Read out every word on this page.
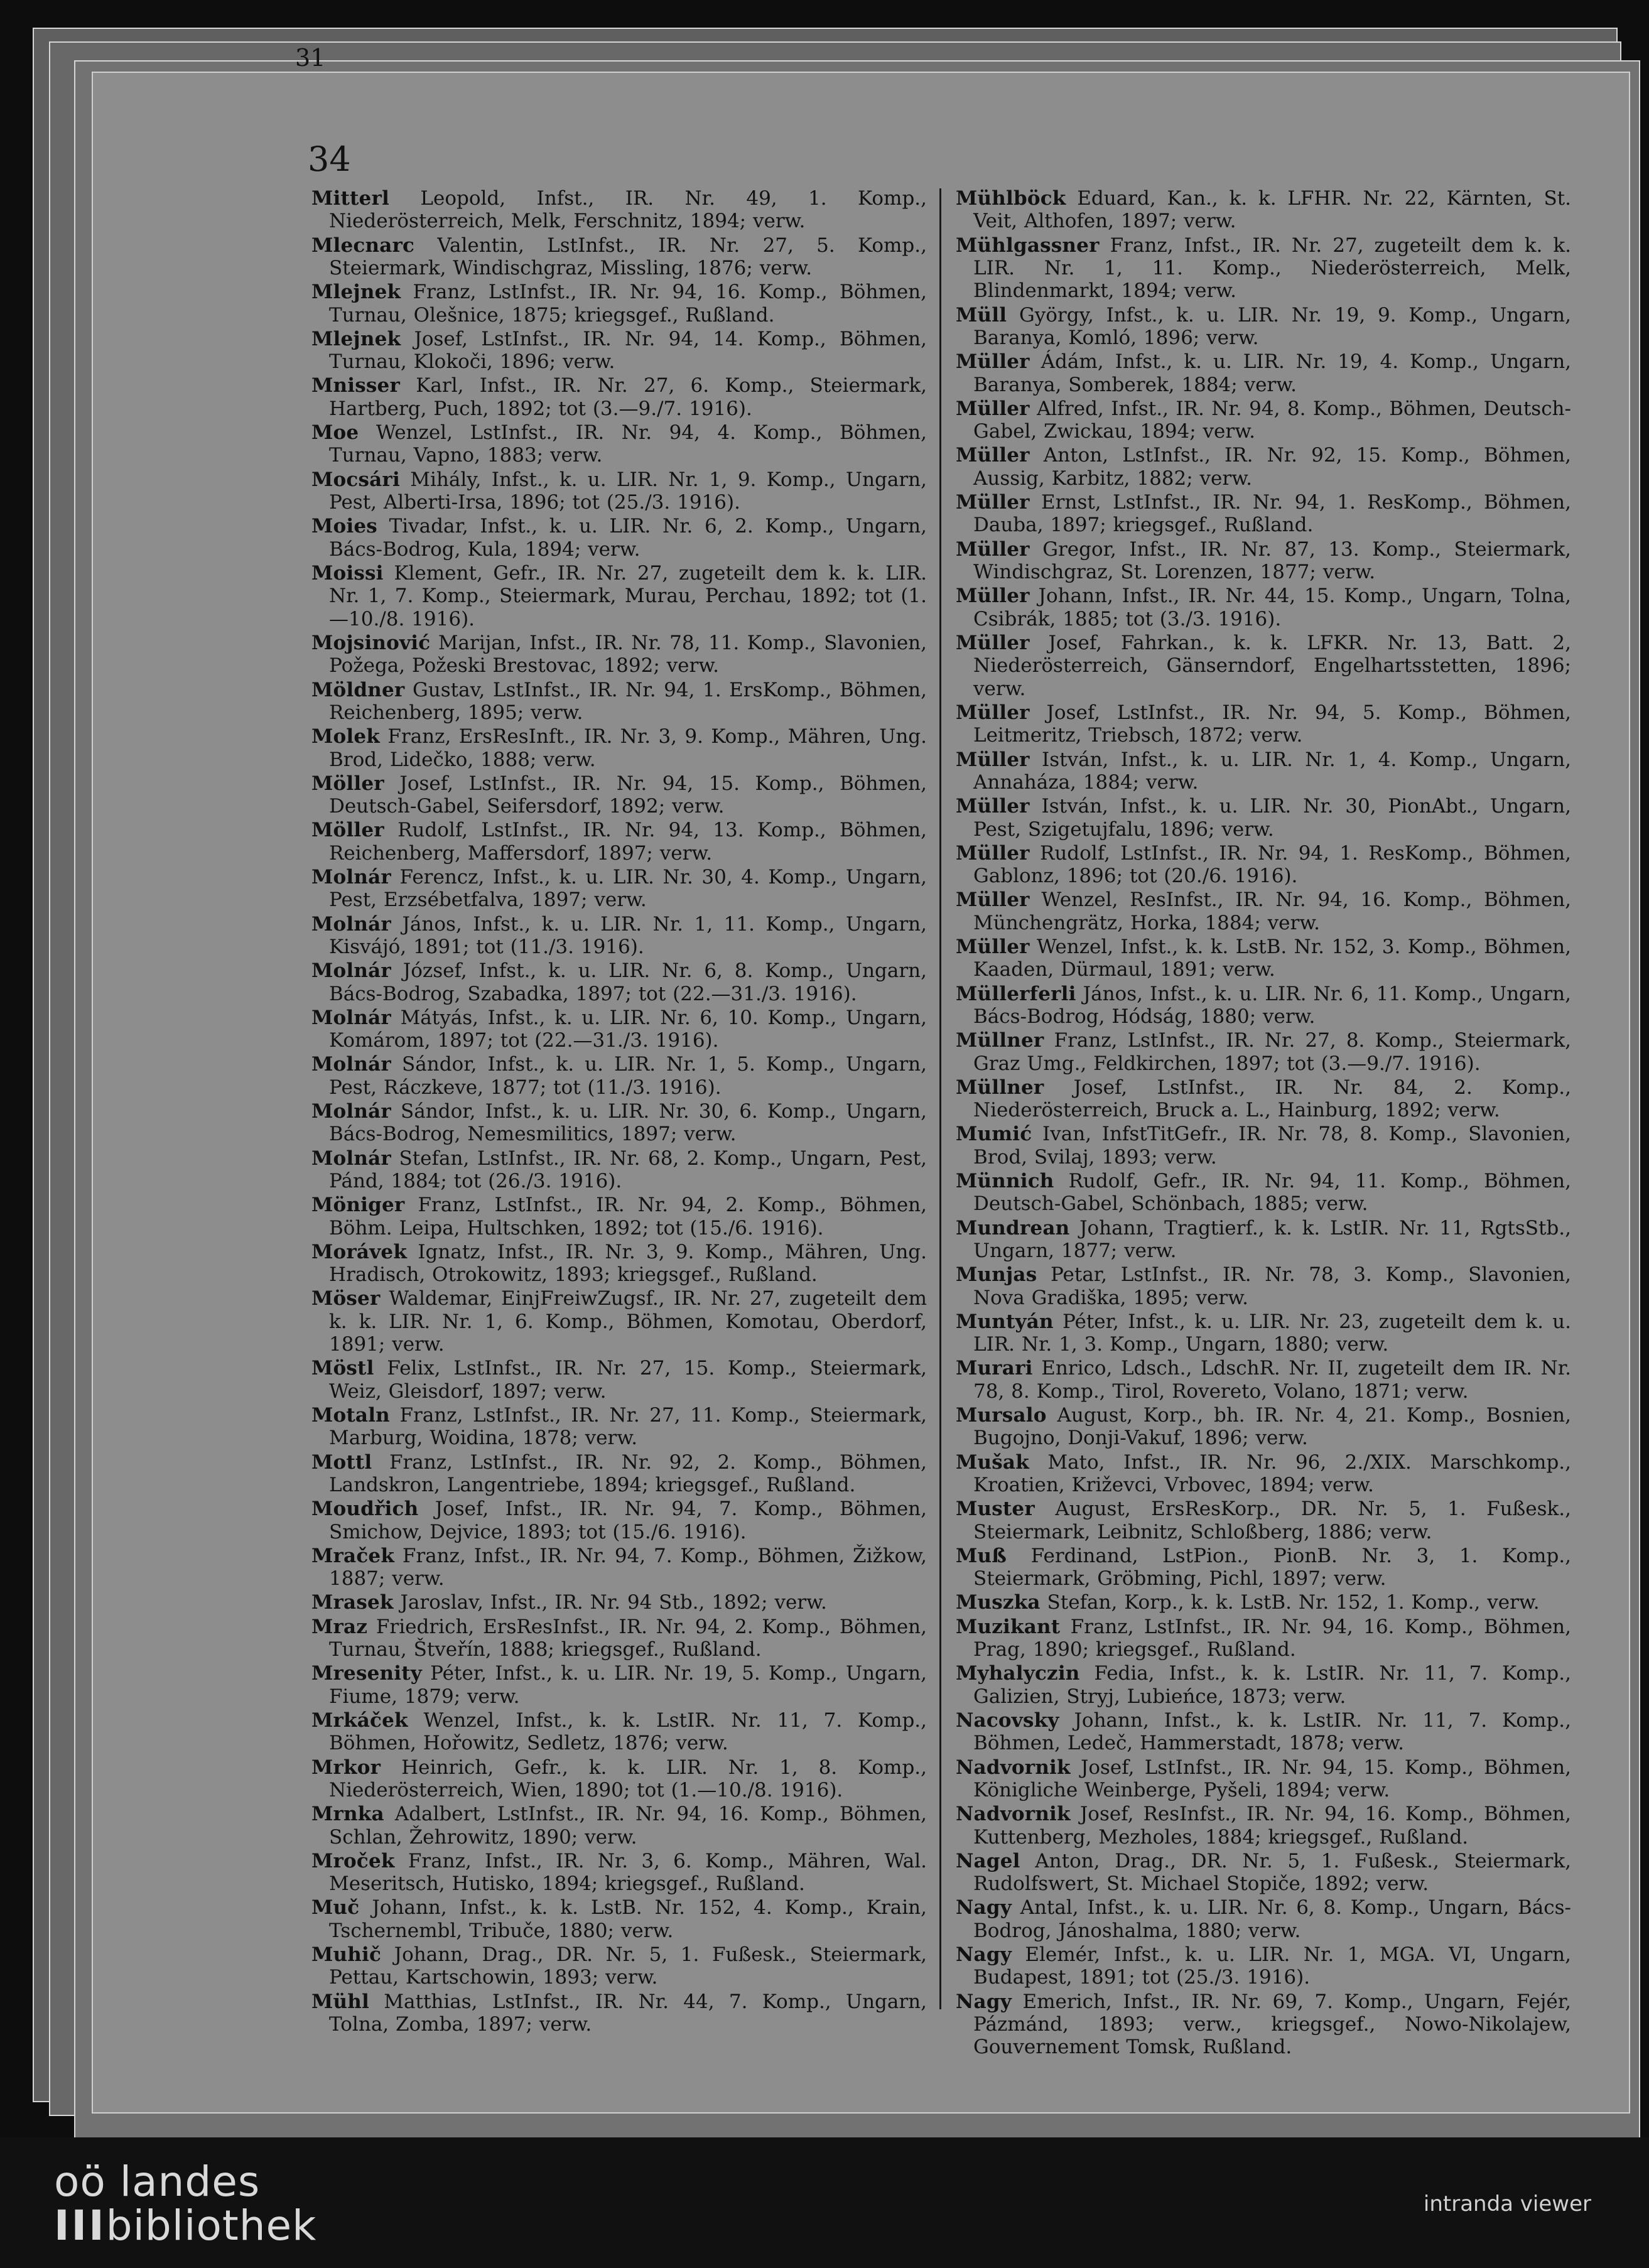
31
34

Mitterl Leopold, Infst., IR. Nr. 49, 1. Komp., Niederösterreich, Melk, Ferschnitz, 1894; verw.

Mlecnarc Valentin, LstInfst., IR. Nr. 27, 5. Komp., Steiermark, Windischgraz, Missling, 1876; verw.

Mlejnek Franz, LstInfst., IR. Nr. 94, 16. Komp., Böhmen, Turnau, Olešnice, 1875; kriegsgef., Rußland.

Mlejnek Josef, LstInfst., IR. Nr. 94, 14. Komp., Böhmen, Turnau, Klokoči, 1896; verw.

Mnisser Karl, Infst., IR. Nr. 27, 6. Komp., Steiermark, Hartberg, Puch, 1892; tot (3.—9./7. 1916).

Moe Wenzel, LstInfst., IR. Nr. 94, 4. Komp., Böhmen, Turnau, Vapno, 1883; verw.

Mocsári Mihály, Infst., k. u. LIR. Nr. 1, 9. Komp., Ungarn, Pest, Alberti-Irsa, 1896; tot (25./3. 1916).

Moies Tivadar, Infst., k. u. LIR. Nr. 6, 2. Komp., Ungarn, Bács-Bodrog, Kula, 1894; verw.

Moissi Klement, Gefr., IR. Nr. 27, zugeteilt dem k. k. LIR. Nr. 1, 7. Komp., Steiermark, Murau, Perchau, 1892; tot (1.—10./8. 1916).

Mojsinović Marijan, Infst., IR. Nr. 78, 11. Komp., Slavonien, Požega, Požeski Brestovac, 1892; verw.

Möldner Gustav, LstInfst., IR. Nr. 94, 1. ErsKomp., Böhmen, Reichenberg, 1895; verw.

Molek Franz, ErsResInft., IR. Nr. 3, 9. Komp., Mähren, Ung. Brod, Lidečko, 1888; verw.

Möller Josef, LstInfst., IR. Nr. 94, 15. Komp., Böhmen, Deutsch-Gabel, Seifersdorf, 1892; verw.

Möller Rudolf, LstInfst., IR. Nr. 94, 13. Komp., Böhmen, Reichenberg, Maffersdorf, 1897; verw.

Molnár Ferencz, Infst., k. u. LIR. Nr. 30, 4. Komp., Ungarn, Pest, Erzsébetfalva, 1897; verw.

Molnár János, Infst., k. u. LIR. Nr. 1, 11. Komp., Ungarn, Kisvájó, 1891; tot (11./3. 1916).

Molnár József, Infst., k. u. LIR. Nr. 6, 8. Komp., Ungarn, Bács-Bodrog, Szabadka, 1897; tot (22.—31./3. 1916).

Molnár Mátyás, Infst., k. u. LIR. Nr. 6, 10. Komp., Ungarn, Komárom, 1897; tot (22.—31./3. 1916).

Molnár Sándor, Infst., k. u. LIR. Nr. 1, 5. Komp., Ungarn, Pest, Ráczkeve, 1877; tot (11./3. 1916).

Molnár Sándor, Infst., k. u. LIR. Nr. 30, 6. Komp., Ungarn, Bács-Bodrog, Nemesmilitics, 1897; verw.

Molnár Stefan, LstInfst., IR. Nr. 68, 2. Komp., Ungarn, Pest, Pánd, 1884; tot (26./3. 1916).

Möniger Franz, LstInfst., IR. Nr. 94, 2. Komp., Böhmen, Böhm. Leipa, Hultschken, 1892; tot (15./6. 1916).

Morávek Ignatz, Infst., IR. Nr. 3, 9. Komp., Mähren, Ung. Hradisch, Otrokowitz, 1893; kriegsgef., Rußland.

Möser Waldemar, EinjFreiwZugsf., IR. Nr. 27, zugeteilt dem k. k. LIR. Nr. 1, 6. Komp., Böhmen, Komotau, Oberdorf, 1891; verw.

Möstl Felix, LstInfst., IR. Nr. 27, 15. Komp., Steiermark, Weiz, Gleisdorf, 1897; verw.

Motaln Franz, LstInfst., IR. Nr. 27, 11. Komp., Steiermark, Marburg, Woidina, 1878; verw.

Mottl Franz, LstInfst., IR. Nr. 92, 2. Komp., Böhmen, Landskron, Langentriebe, 1894; kriegsgef., Rußland.

Moudřich Josef, Infst., IR. Nr. 94, 7. Komp., Böhmen, Smichow, Dejvice, 1893; tot (15./6. 1916).

Mraček Franz, Infst., IR. Nr. 94, 7. Komp., Böhmen, Žižkow, 1887; verw.

Mrasek Jaroslav, Infst., IR. Nr. 94 Stb., 1892; verw.

Mraz Friedrich, ErsResInfst., IR. Nr. 94, 2. Komp., Böhmen, Turnau, Štveřín, 1888; kriegsgef., Rußland.

Mresenity Péter, Infst., k. u. LIR. Nr. 19, 5. Komp., Ungarn, Fiume, 1879; verw.

Mrkáček Wenzel, Infst., k. k. LstIR. Nr. 11, 7. Komp., Böhmen, Hořowitz, Sedletz, 1876; verw.

Mrkor Heinrich, Gefr., k. k. LIR. Nr. 1, 8. Komp., Niederösterreich, Wien, 1890; tot (1.—10./8. 1916).

Mrnka Adalbert, LstInfst., IR. Nr. 94, 16. Komp., Böhmen, Schlan, Žehrowitz, 1890; verw.

Mroček Franz, Infst., IR. Nr. 3, 6. Komp., Mähren, Wal. Meseritsch, Hutisko, 1894; kriegsgef., Rußland.

Muč Johann, Infst., k. k. LstB. Nr. 152, 4. Komp., Krain, Tschernembl, Tribuče, 1880; verw.

Muhič Johann, Drag., DR. Nr. 5, 1. Fußesk., Steiermark, Pettau, Kartschowin, 1893; verw.

Mühl Matthias, LstInfst., IR. Nr. 44, 7. Komp., Ungarn, Tolna, Zomba, 1897; verw.

Mühlböck Eduard, Kan., k. k. LFHR. Nr. 22, Kärnten, St. Veit, Althofen, 1897; verw.

Mühlgassner Franz, Infst., IR. Nr. 27, zugeteilt dem k. k. LIR. Nr. 1, 11. Komp., Niederösterreich, Melk, Blindenmarkt, 1894; verw.

Müll György, Infst., k. u. LIR. Nr. 19, 9. Komp., Ungarn, Baranya, Komló, 1896; verw.

Müller Ádám, Infst., k. u. LIR. Nr. 19, 4. Komp., Ungarn, Baranya, Somberek, 1884; verw.

Müller Alfred, Infst., IR. Nr. 94, 8. Komp., Böhmen, Deutsch-Gabel, Zwickau, 1894; verw.

Müller Anton, LstInfst., IR. Nr. 92, 15. Komp., Böhmen, Aussig, Karbitz, 1882; verw.

Müller Ernst, LstInfst., IR. Nr. 94, 1. ResKomp., Böhmen, Dauba, 1897; kriegsgef., Rußland.

Müller Gregor, Infst., IR. Nr. 87, 13. Komp., Steiermark, Windischgraz, St. Lorenzen, 1877; verw.

Müller Johann, Infst., IR. Nr. 44, 15. Komp., Ungarn, Tolna, Csibrák, 1885; tot (3./3. 1916).

Müller Josef, Fahrkan., k. k. LFKR. Nr. 13, Batt. 2, Niederösterreich, Gänserndorf, Engelhartsstetten, 1896; verw.

Müller Josef, LstInfst., IR. Nr. 94, 5. Komp., Böhmen, Leitmeritz, Triebsch, 1872; verw.

Müller István, Infst., k. u. LIR. Nr. 1, 4. Komp., Ungarn, Annaháza, 1884; verw.

Müller István, Infst., k. u. LIR. Nr. 30, PionAbt., Ungarn, Pest, Szigetujfalu, 1896; verw.

Müller Rudolf, LstInfst., IR. Nr. 94, 1. ResKomp., Böhmen, Gablonz, 1896; tot (20./6. 1916).

Müller Wenzel, ResInfst., IR. Nr. 94, 16. Komp., Böhmen, Münchengrätz, Horka, 1884; verw.

Müller Wenzel, Infst., k. k. LstB. Nr. 152, 3. Komp., Böhmen, Kaaden, Dürmaul, 1891; verw.

Müllerferli János, Infst., k. u. LIR. Nr. 6, 11. Komp., Ungarn, Bács-Bodrog, Hódság, 1880; verw.

Müllner Franz, LstInfst., IR. Nr. 27, 8. Komp., Steiermark, Graz Umg., Feldkirchen, 1897; tot (3.—9./7. 1916).

Müllner Josef, LstInfst., IR. Nr. 84, 2. Komp., Niederösterreich, Bruck a. L., Hainburg, 1892; verw.

Mumić Ivan, InfstTitGefr., IR. Nr. 78, 8. Komp., Slavonien, Brod, Svilaj, 1893; verw.

Münnich Rudolf, Gefr., IR. Nr. 94, 11. Komp., Böhmen, Deutsch-Gabel, Schönbach, 1885; verw.

Mundrean Johann, Tragtierf., k. k. LstIR. Nr. 11, RgtsStb., Ungarn, 1877; verw.

Munjas Petar, LstInfst., IR. Nr. 78, 3. Komp., Slavonien, Nova Gradiška, 1895; verw.

Muntyán Péter, Infst., k. u. LIR. Nr. 23, zugeteilt dem k. u. LIR. Nr. 1, 3. Komp., Ungarn, 1880; verw.

Murari Enrico, Ldsch., LdschR. Nr. II, zugeteilt dem IR. Nr. 78, 8. Komp., Tirol, Rovereto, Volano, 1871; verw.

Mursalo August, Korp., bh. IR. Nr. 4, 21. Komp., Bosnien, Bugojno, Donji-Vakuf, 1896; verw.

Mušak Mato, Infst., IR. Nr. 96, 2./XIX. Marschkomp., Kroatien, Križevci, Vrbovec, 1894; verw.

Muster August, ErsResKorp., DR. Nr. 5, 1. Fußesk., Steiermark, Leibnitz, Schloßberg, 1886; verw.

Muß Ferdinand, LstPion., PionB. Nr. 3, 1. Komp., Steiermark, Gröbming, Pichl, 1897; verw.

Muszka Stefan, Korp., k. k. LstB. Nr. 152, 1. Komp., verw.

Muzikant Franz, LstInfst., IR. Nr. 94, 16. Komp., Böhmen, Prag, 1890; kriegsgef., Rußland.

Myhalyczin Fedia, Infst., k. k. LstIR. Nr. 11, 7. Komp., Galizien, Stryj, Lubieńce, 1873; verw.

Nacovsky Johann, Infst., k. k. LstIR. Nr. 11, 7. Komp., Böhmen, Ledeč, Hammerstadt, 1878; verw.

Nadvornik Josef, LstInfst., IR. Nr. 94, 15. Komp., Böhmen, Königliche Weinberge, Pyšeli, 1894; verw.

Nadvornik Josef, ResInfst., IR. Nr. 94, 16. Komp., Böhmen, Kuttenberg, Mezholes, 1884; kriegsgef., Rußland.

Nagel Anton, Drag., DR. Nr. 5, 1. Fußesk., Steiermark, Rudolfswert, St. Michael Stopiče, 1892; verw.

Nagy Antal, Infst., k. u. LIR. Nr. 6, 8. Komp., Ungarn, Bács-Bodrog, Jánoshalma, 1880; verw.

Nagy Elemér, Infst., k. u. LIR. Nr. 1, MGA. VI, Ungarn, Budapest, 1891; tot (25./3. 1916).

Nagy Emerich, Infst., IR. Nr. 69, 7. Komp., Ungarn, Fejér, Pázmánd, 1893; verw., kriegsgef., Nowo-Nikolajew, Gouvernement Tomsk, Rußland.

oö landes
IIIbibliothek	intranda viewer
